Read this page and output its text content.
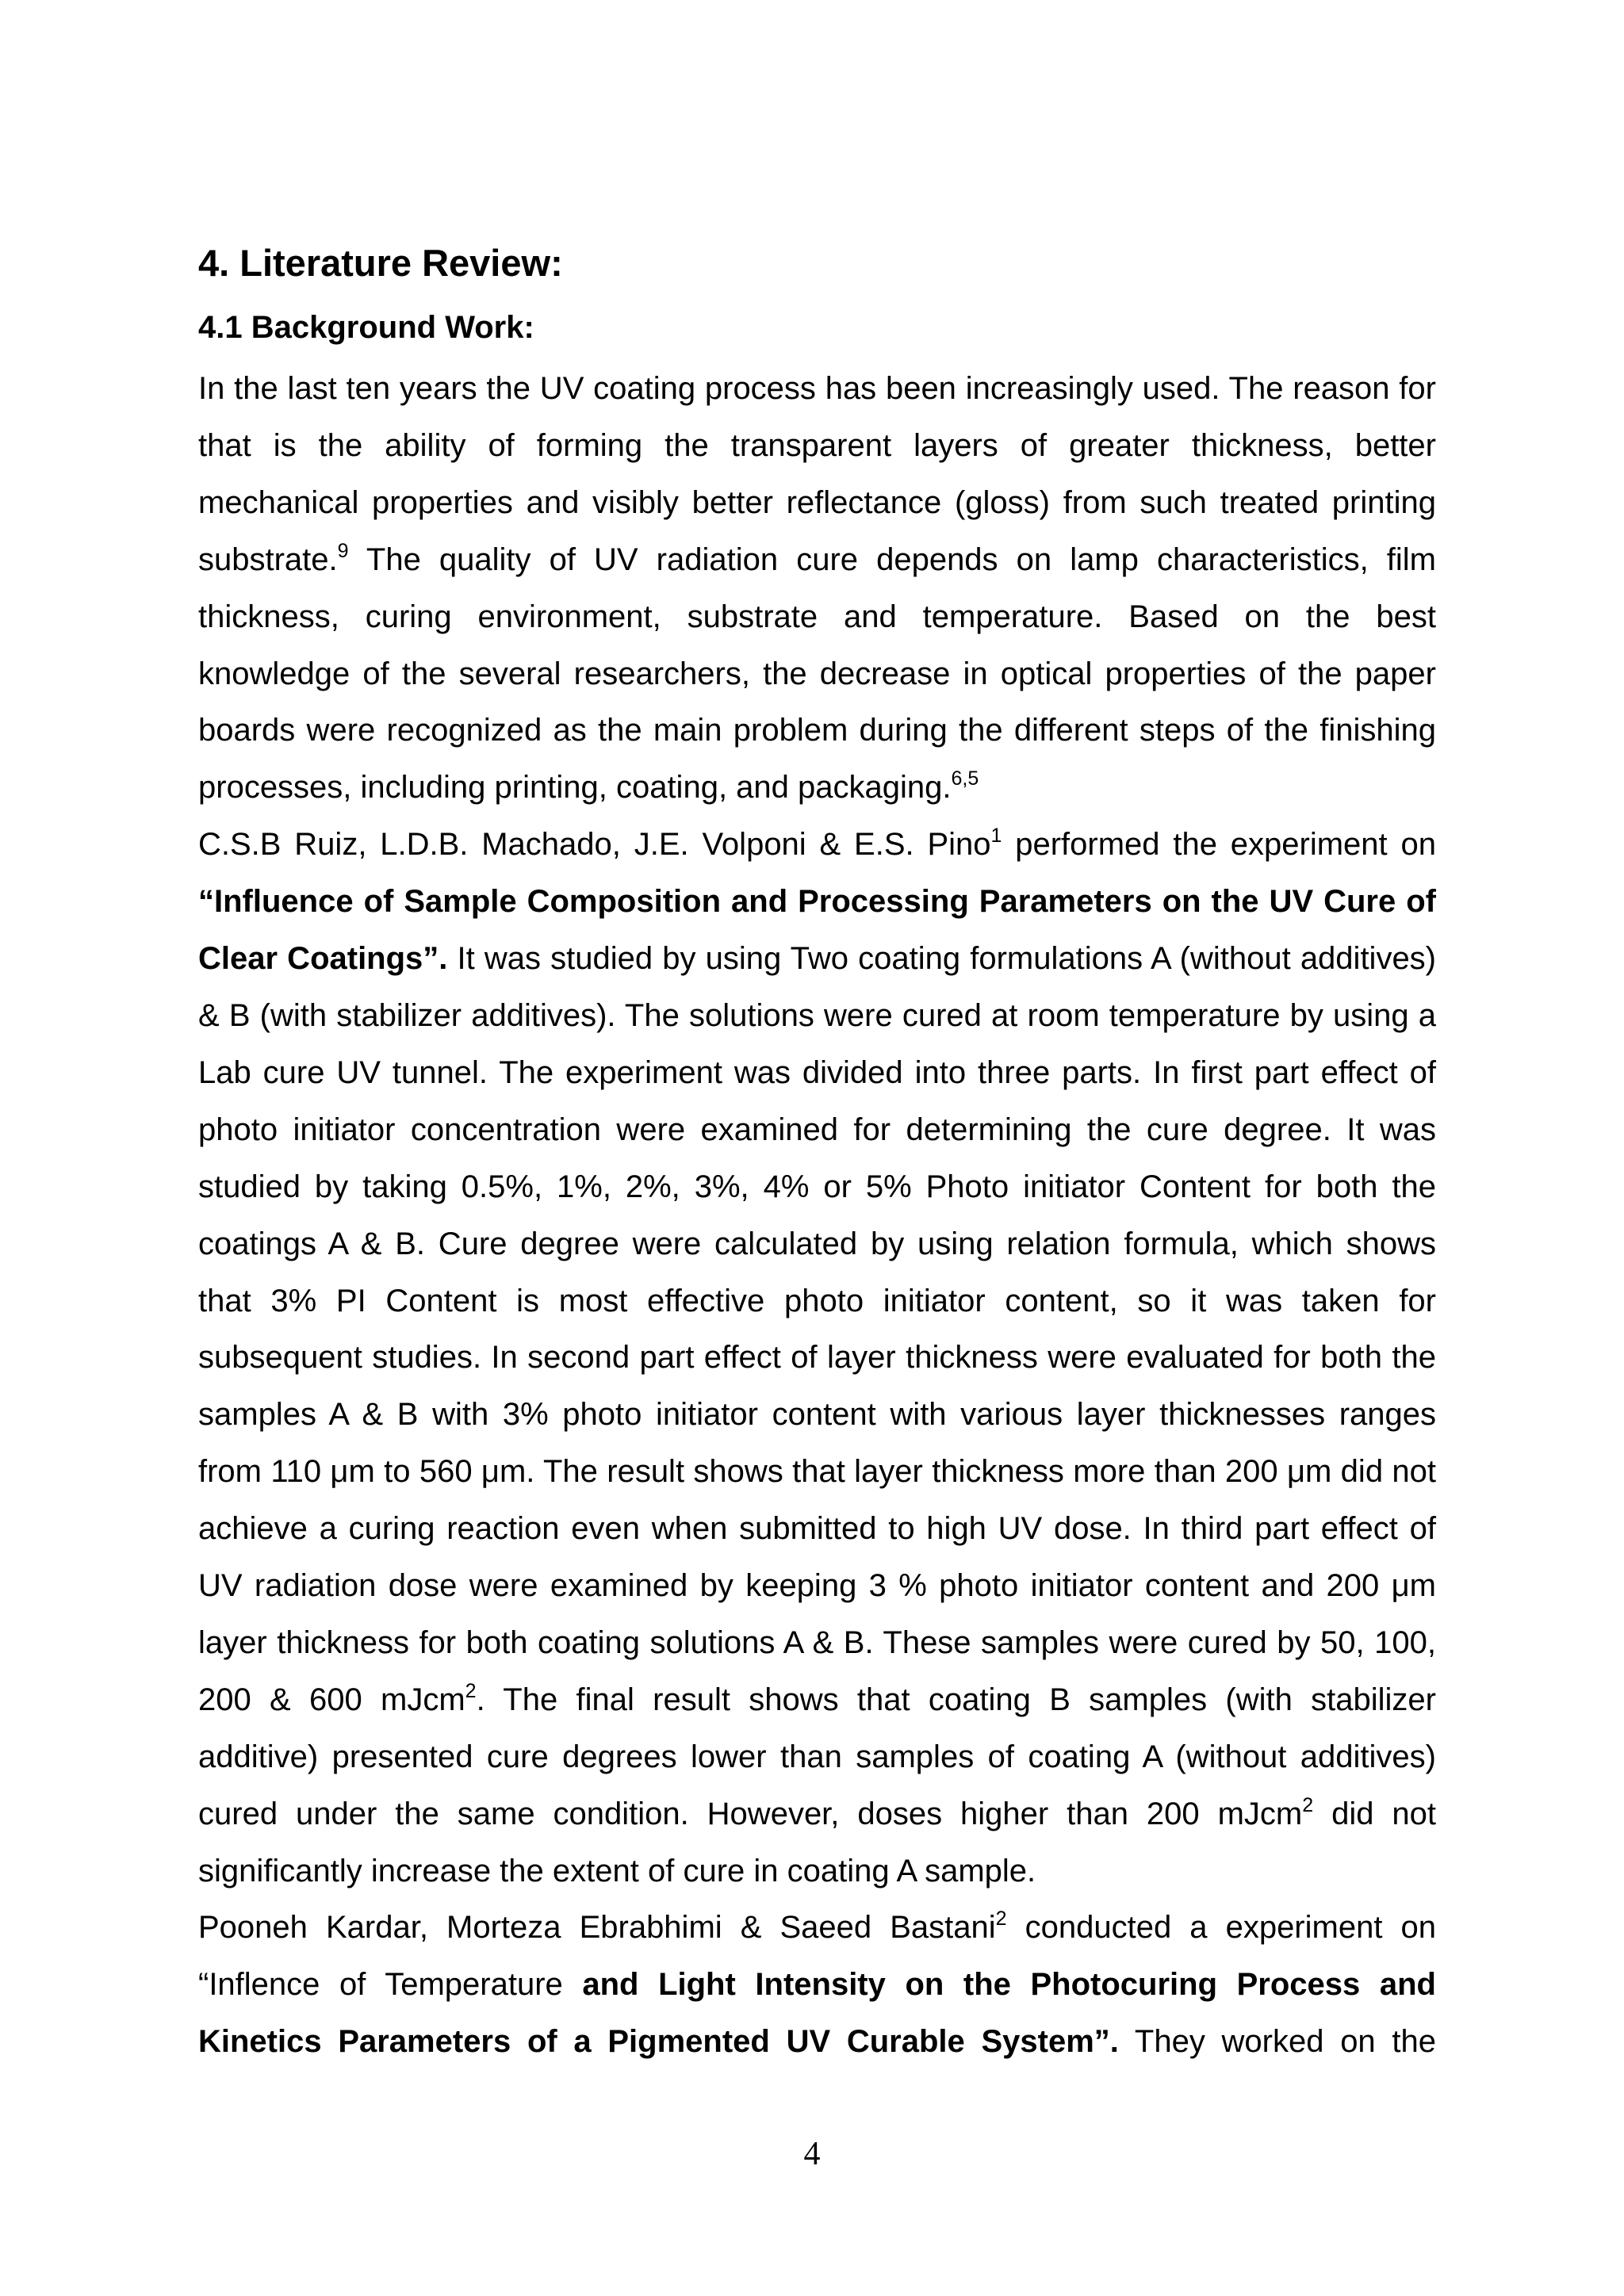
4. Literature Review:
4.1 Background Work:

In the last ten years the UV coating process has been increasingly used. The reason for that is the ability of forming the transparent layers of greater thickness, better mechanical properties and visibly better reflectance (gloss) from such treated printing substrate.$^9$ The quality of UV radiation cure depends on lamp characteristics, film thickness, curing environment, substrate and temperature. Based on the best knowledge of the several researchers, the decrease in optical properties of the paper boards were recognized as the main problem during the different steps of the finishing processes, including printing, coating, and packaging.$^{6,5}$

C.S.B Ruiz, L.D.B. Machado, J.E. Volponi & E.S. Pino$^1$ performed the experiment on “Influence of Sample Composition and Processing Parameters on the UV Cure of Clear Coatings”. It was studied by using Two coating formulations A (without additives) & B (with stabilizer additives). The solutions were cured at room temperature by using a Lab cure UV tunnel. The experiment was divided into three parts. In first part effect of photo initiator concentration were examined for determining the cure degree. It was studied by taking 0.5%, 1%, 2%, 3%, 4% or 5% Photo initiator Content for both the coatings A & B. Cure degree were calculated by using relation formula, which shows that 3% PI Content is most effective photo initiator content, so it was taken for subsequent studies. In second part effect of layer thickness were evaluated for both the samples A & B with 3% photo initiator content with various layer thicknesses ranges from 110 μm to 560 μm. The result shows that layer thickness more than 200 μm did not achieve a curing reaction even when submitted to high UV dose. In third part effect of UV radiation dose were examined by keeping 3 % photo initiator content and 200 μm layer thickness for both coating solutions A & B. These samples were cured by 50, 100, 200 & 600 mJcm$^2$. The final result shows that coating B samples (with stabilizer additive) presented cure degrees lower than samples of coating A (without additives) cured under the same condition. However, doses higher than 200 mJcm$^2$ did not significantly increase the extent of cure in coating A sample.

Pooneh Kardar, Morteza Ebrabhimi & Saeed Bastani$^2$ conducted a experiment on “Inflence of Temperature and Light Intensity on the Photocuring Process and Kinetics Parameters of a Pigmented UV Curable System”. They worked on the

4
